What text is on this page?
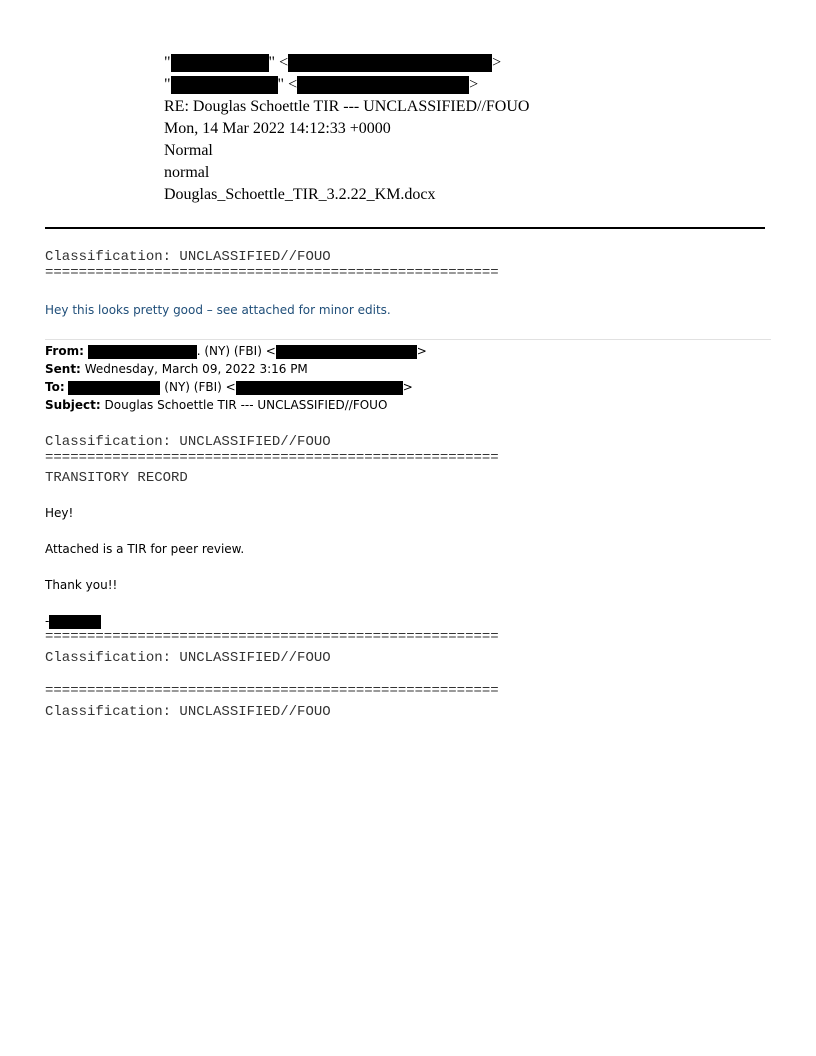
"	" <	>
"	" <	>
RE: Douglas Schoettle TIR --- UNCLASSIFIED//FOUO
Mon, 14 Mar 2022 14:12:33 +0000
Normal
normal
Douglas_Schoettle_TIR_3.2.22_KM.docx
Classification: UNCLASSIFIED//FOUO
======================================================
Hey this looks pretty good – see attached for minor edits.
From:	. (NY) (FBI) <	>
Sent: Wednesday, March 09, 2022 3:16 PM
To:	(NY) (FBI) <	>
Subject: Douglas Schoettle TIR --- UNCLASSIFIED//FOUO
Classification: UNCLASSIFIED//FOUO
======================================================
TRANSITORY RECORD
Hey!
Attached is a TIR for peer review.
Thank you!!
-
======================================================
Classification: UNCLASSIFIED//FOUO
======================================================
Classification: UNCLASSIFIED//FOUO
